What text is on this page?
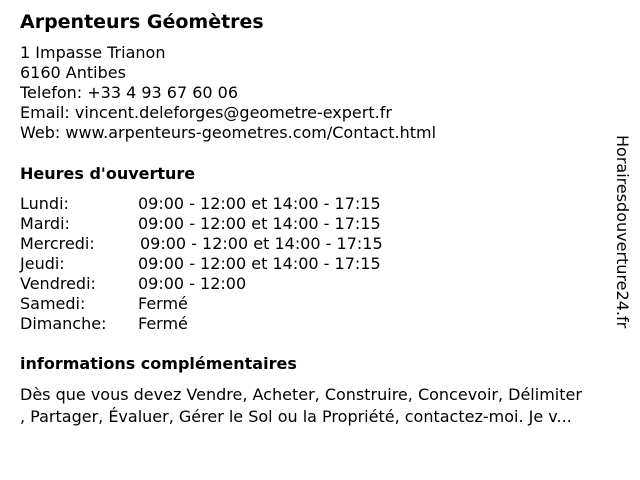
Arpenteurs Géomètres
1 Impasse Trianon
6160 Antibes
Telefon: +33 4 93 67 60 06
Email: vincent.deleforges@geometre-expert.fr
Web: www.arpenteurs-geometres.com/Contact.html
Heures d'ouverture
Lundi:	09:00 - 12:00 et 14:00 - 17:15
Mardi:	09:00 - 12:00 et 14:00 - 17:15
Mercredi:	09:00 - 12:00 et 14:00 - 17:15
Jeudi:	09:00 - 12:00 et 14:00 - 17:15
Vendredi:	09:00 - 12:00
Samedi:	Fermé
Dimanche: Fermé
informations complémentaires
Dès que vous devez Vendre, Acheter, Construire, Concevoir, Délimiter
, Partager, Évaluer, Gérer le Sol ou la Propriété, contactez-moi. Je v...
Horairesdouverture24.fr
